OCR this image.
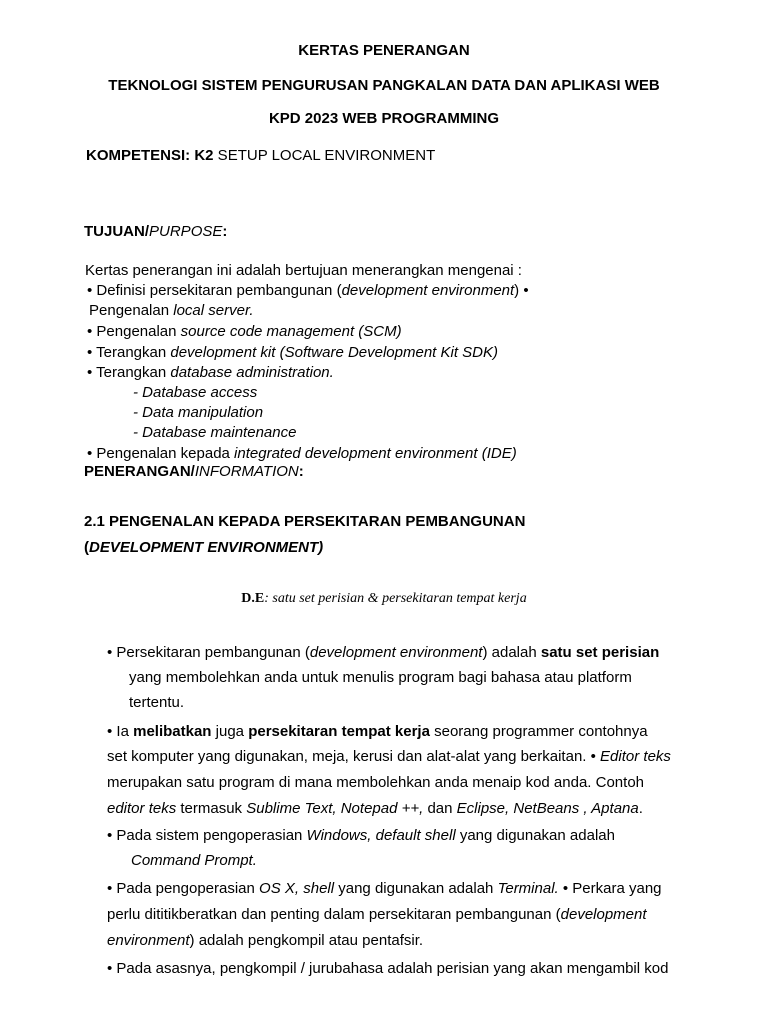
KERTAS PENERANGAN
TEKNOLOGI SISTEM PENGURUSAN PANGKALAN DATA DAN APLIKASI WEB
KPD 2023 WEB PROGRAMMING
KOMPETENSI: K2 SETUP LOCAL ENVIRONMENT
TUJUAN/PURPOSE:
Kertas penerangan ini adalah bertujuan menerangkan mengenai :
• Definisi persekitaran pembangunan (development environment) •
Pengenalan local server.
• Pengenalan source code management (SCM)
• Terangkan development kit (Software Development Kit SDK)
• Terangkan database administration.
- Database access
- Data manipulation
- Database maintenance
• Pengenalan kepada integrated development environment (IDE)
PENERANGAN/INFORMATION:
2.1 PENGENALAN KEPADA PERSEKITARAN PEMBANGUNAN
(DEVELOPMENT ENVIRONMENT)
D.E: satu set perisian & persekitaran tempat kerja
• Persekitaran pembangunan (development environment) adalah satu set perisian
yang membolehkan anda untuk menulis program bagi bahasa atau platform
tertentu.
• Ia melibatkan juga persekitaran tempat kerja seorang programmer contohnya
set komputer yang digunakan, meja, kerusi dan alat-alat yang berkaitan. • Editor teks
merupakan satu program di mana membolehkan anda menaip kod anda. Contoh
editor teks termasuk Sublime Text, Notepad ++, dan Eclipse, NetBeans , Aptana.
• Pada sistem pengoperasian Windows, default shell yang digunakan adalah
Command Prompt.
• Pada pengoperasian OS X, shell yang digunakan adalah Terminal. • Perkara yang
perlu dititikberatkan dan penting dalam persekitaran pembangunan (development
environment) adalah pengkompil atau pentafsir.
• Pada asasnya, pengkompil / jurubahasa adalah perisian yang akan mengambil kod
